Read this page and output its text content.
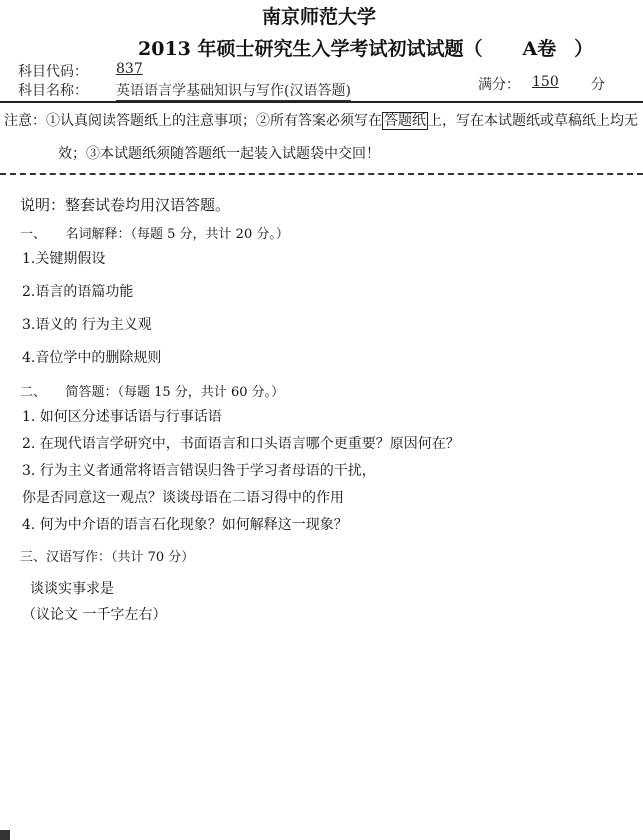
南京师范大学
2013 年硕士研究生入学考试初试试题（ A卷 ）
科目代码： 837
科目名称： 英语语言学基础知识与写作(汉语答题)	满分： 150 分
注意：①认真阅读答题纸上的注意事项；②所有答案必须写在 答题纸 上，写在本试题纸或草稿纸上均无
效；③本试题纸须随答题纸一起装入试题袋中交回！
说明：整套试卷均用汉语答题。
一、　　名词解释：（每题 5 分，共计 20 分。）
1.关键期假设
2.语言的语篇功能
3.语义的 行为主义观
4.音位学中的删除规则
二、　　简答题：（每题 15 分，共计 60 分。）
1. 如何区分述事话语与行事话语
2. 在现代语言学研究中，书面语言和口头语言哪个更重要？原因何在？
3. 行为主义者通常将语言错误归咎于学习者母语的干扰，
你是否同意这一观点？谈谈母语在二语习得中的作用
4. 何为中介语的语言石化现象？如何解释这一现象？
三、汉语写作：（共计 70 分）
谈谈实事求是
（议论文 一千字左右）
